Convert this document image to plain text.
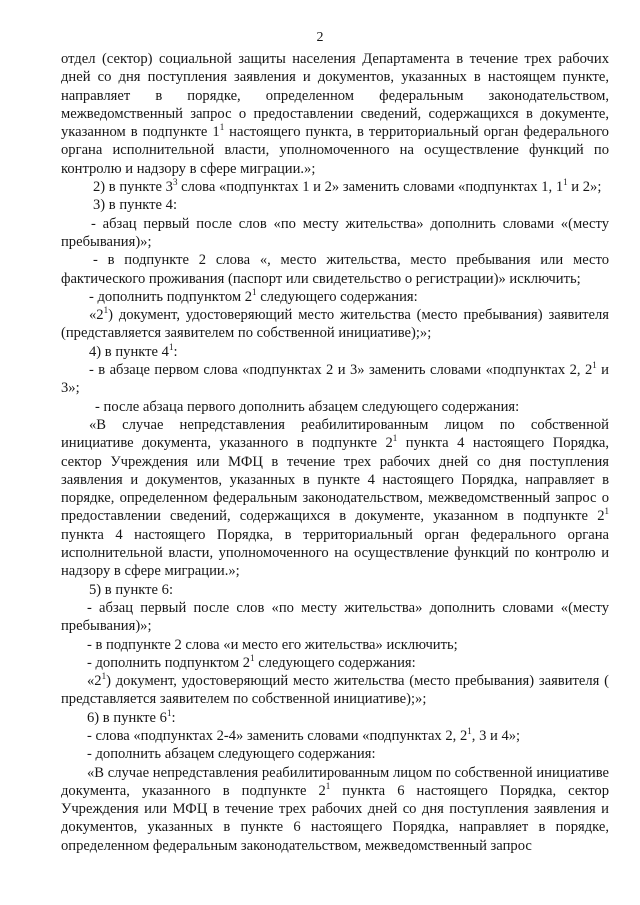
2

отдел (сектор) социальной защиты населения Департамента в течение трех рабочих дней со дня поступления заявления и документов, указанных в настоящем пункте, направляет в порядке, определенном федеральным законодательством, межведомственный запрос о предоставлении сведений, содержащихся в документе, указанном в подпункте $1^1$ настоящего пункта, в территориальный орган федерального органа исполнительной власти, уполномоченного на осуществление функций по контролю и надзору в сфере миграции.»;

2) в пункте $3^3$ слова «подпунктах 1 и 2» заменить словами «подпунктах 1, $1^1$ и 2»;

3) в пункте 4:

- абзац первый после слов «по месту жительства» дополнить словами «(месту пребывания)»;

- в подпункте 2 слова «, место жительства, место пребывания или место фактического проживания (паспорт или свидетельство о регистрации)» исключить;

- дополнить подпунктом $2^1$ следующего содержания:

«$2^1$) документ, удостоверяющий место жительства (место пребывания) заявителя (представляется заявителем по собственной инициативе);»;

4) в пункте $4^1$:

- в абзаце первом слова «подпунктах 2 и 3» заменить словами «подпунктах 2, $2^1$ и 3»;

- после абзаца первого дополнить абзацем следующего содержания:

«В случае непредставления реабилитированным лицом по собственной инициативе документа, указанного в подпункте $2^1$ пункта 4 настоящего Порядка, сектор Учреждения или МФЦ в течение трех рабочих дней со дня поступления заявления и документов, указанных в пункте 4 настоящего Порядка, направляет в порядке, определенном федеральным законодательством, межведомственный запрос о предоставлении сведений, содержащихся в документе, указанном в подпункте $2^1$ пункта 4 настоящего Порядка, в территориальный орган федерального органа исполнительной власти, уполномоченного на осуществление функций по контролю и надзору в сфере миграции.»;

5) в пункте 6:

- абзац первый после слов «по месту жительства» дополнить словами «(месту пребывания)»;

- в подпункте 2 слова «и место его жительства» исключить;

- дополнить подпунктом $2^1$ следующего содержания:

«$2^1$) документ, удостоверяющий место жительства (место пребывания) заявителя ( представляется заявителем по собственной инициативе);»;

6) в пункте $6^1$:

- слова «подпунктах 2-4» заменить словами «подпунктах 2, $2^1$, 3 и 4»;

- дополнить абзацем следующего содержания:

«В случае непредставления реабилитированным лицом по собственной инициативе документа, указанного в подпункте $2^1$ пункта 6 настоящего Порядка, сектор Учреждения или МФЦ в течение трех рабочих дней со дня поступления заявления и документов, указанных в пункте 6 настоящего Порядка, направляет в порядке, определенном федеральным законодательством, межведомственный запрос
